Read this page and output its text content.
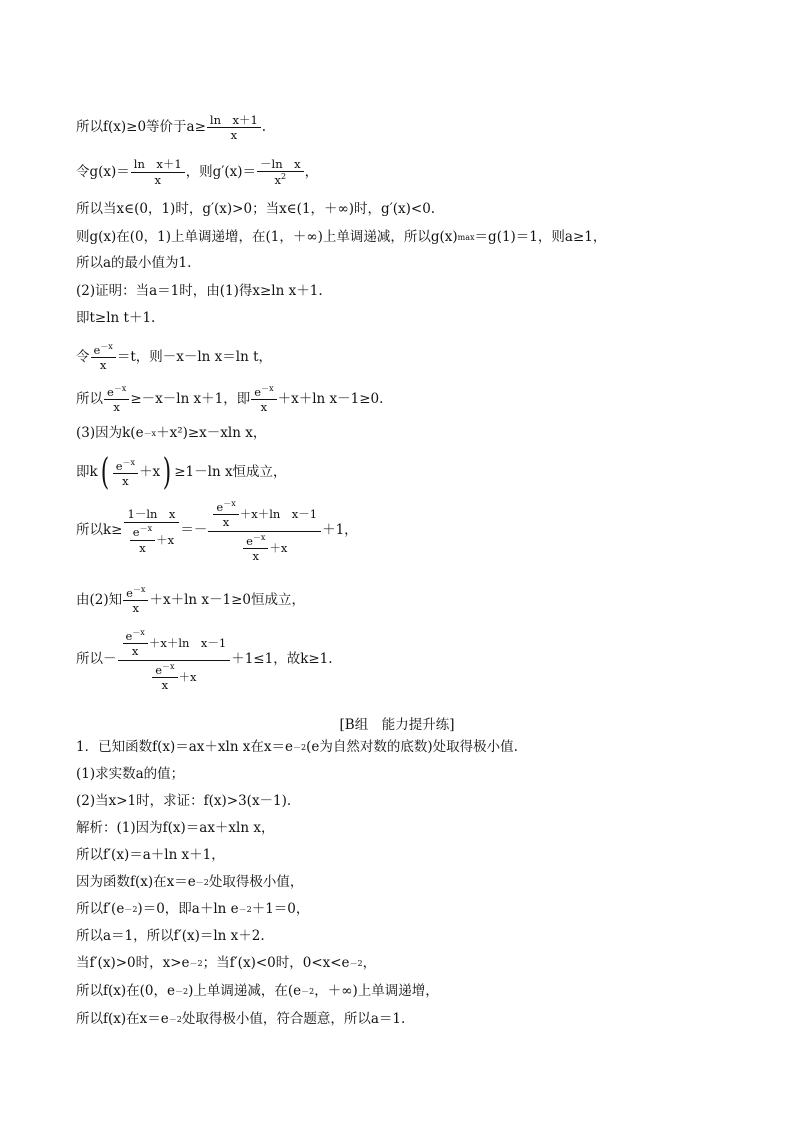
所以f(x)≥0等价于a≥ ln　x＋1
x
.
令g(x)＝ ln　x＋1
x
，则g′(x)＝ －ln　x
$x^2$ ，
所以当x∈(0，1)时，g′(x)>0；当x∈(1，＋∞)时，g′(x)<0.
则g(x)在(0，1)上单调递增，在(1，＋∞)上单调递减，所以g(x) max ＝g(1)＝1，则a≥1，
所以a的最小值为1.
(2)证明：当a＝1时，由(1)得x≥ln x＋1.
即t≥ln t＋1.
令 $e^{-x}$
x
＝t，则－x－ln x＝ln t，
所以 $e^{-x}$
x
≥－x－ln x＋1，即 $e^{-x}$
x
＋x＋ln x－1≥0.
(3)因为k(e －x ＋x²)≥x－xln x，
即k ( $e^{-x}$
x
＋x ) ≥1－ln x恒成立，
所以k≥
1－ln　x
$e^{-x}$
x
＋x
＝－
$e^{-x}$
x
＋x＋ln　x－1
$e^{-x}$
x
＋x
＋1，
由(2)知 $e^{-x}$
x
＋x＋ln x－1≥0恒成立，
所以－
$e^{-x}$
x
＋x＋ln　x－1
$e^{-x}$
x
＋x
＋1≤1，故k≥1.
[B组　能力提升练]
1．已知函数f(x)＝ax＋xln x在x＝e －2 (e为自然对数的底数)处取得极小值.
(1)求实数a的值；
(2)当x>1时，求证：f(x)>3(x－1).
解析：(1)因为f(x)＝ax＋xln x，
所以f′(x)＝a＋ln x＋1，
因为函数f(x)在x＝e －2 处取得极小值，
所以f′(e －2 )＝0，即a＋ln e －2 ＋1＝0，
所以a＝1，所以f′(x)＝ln x＋2.
当f′(x)>0时，x>e －2 ；当f′(x)<0时，0<x<e －2 ，
所以f(x)在(0，e －2 )上单调递减，在(e －2 ，＋∞)上单调递增，
所以f(x)在x＝e －2 处取得极小值，符合题意，所以a＝1.
